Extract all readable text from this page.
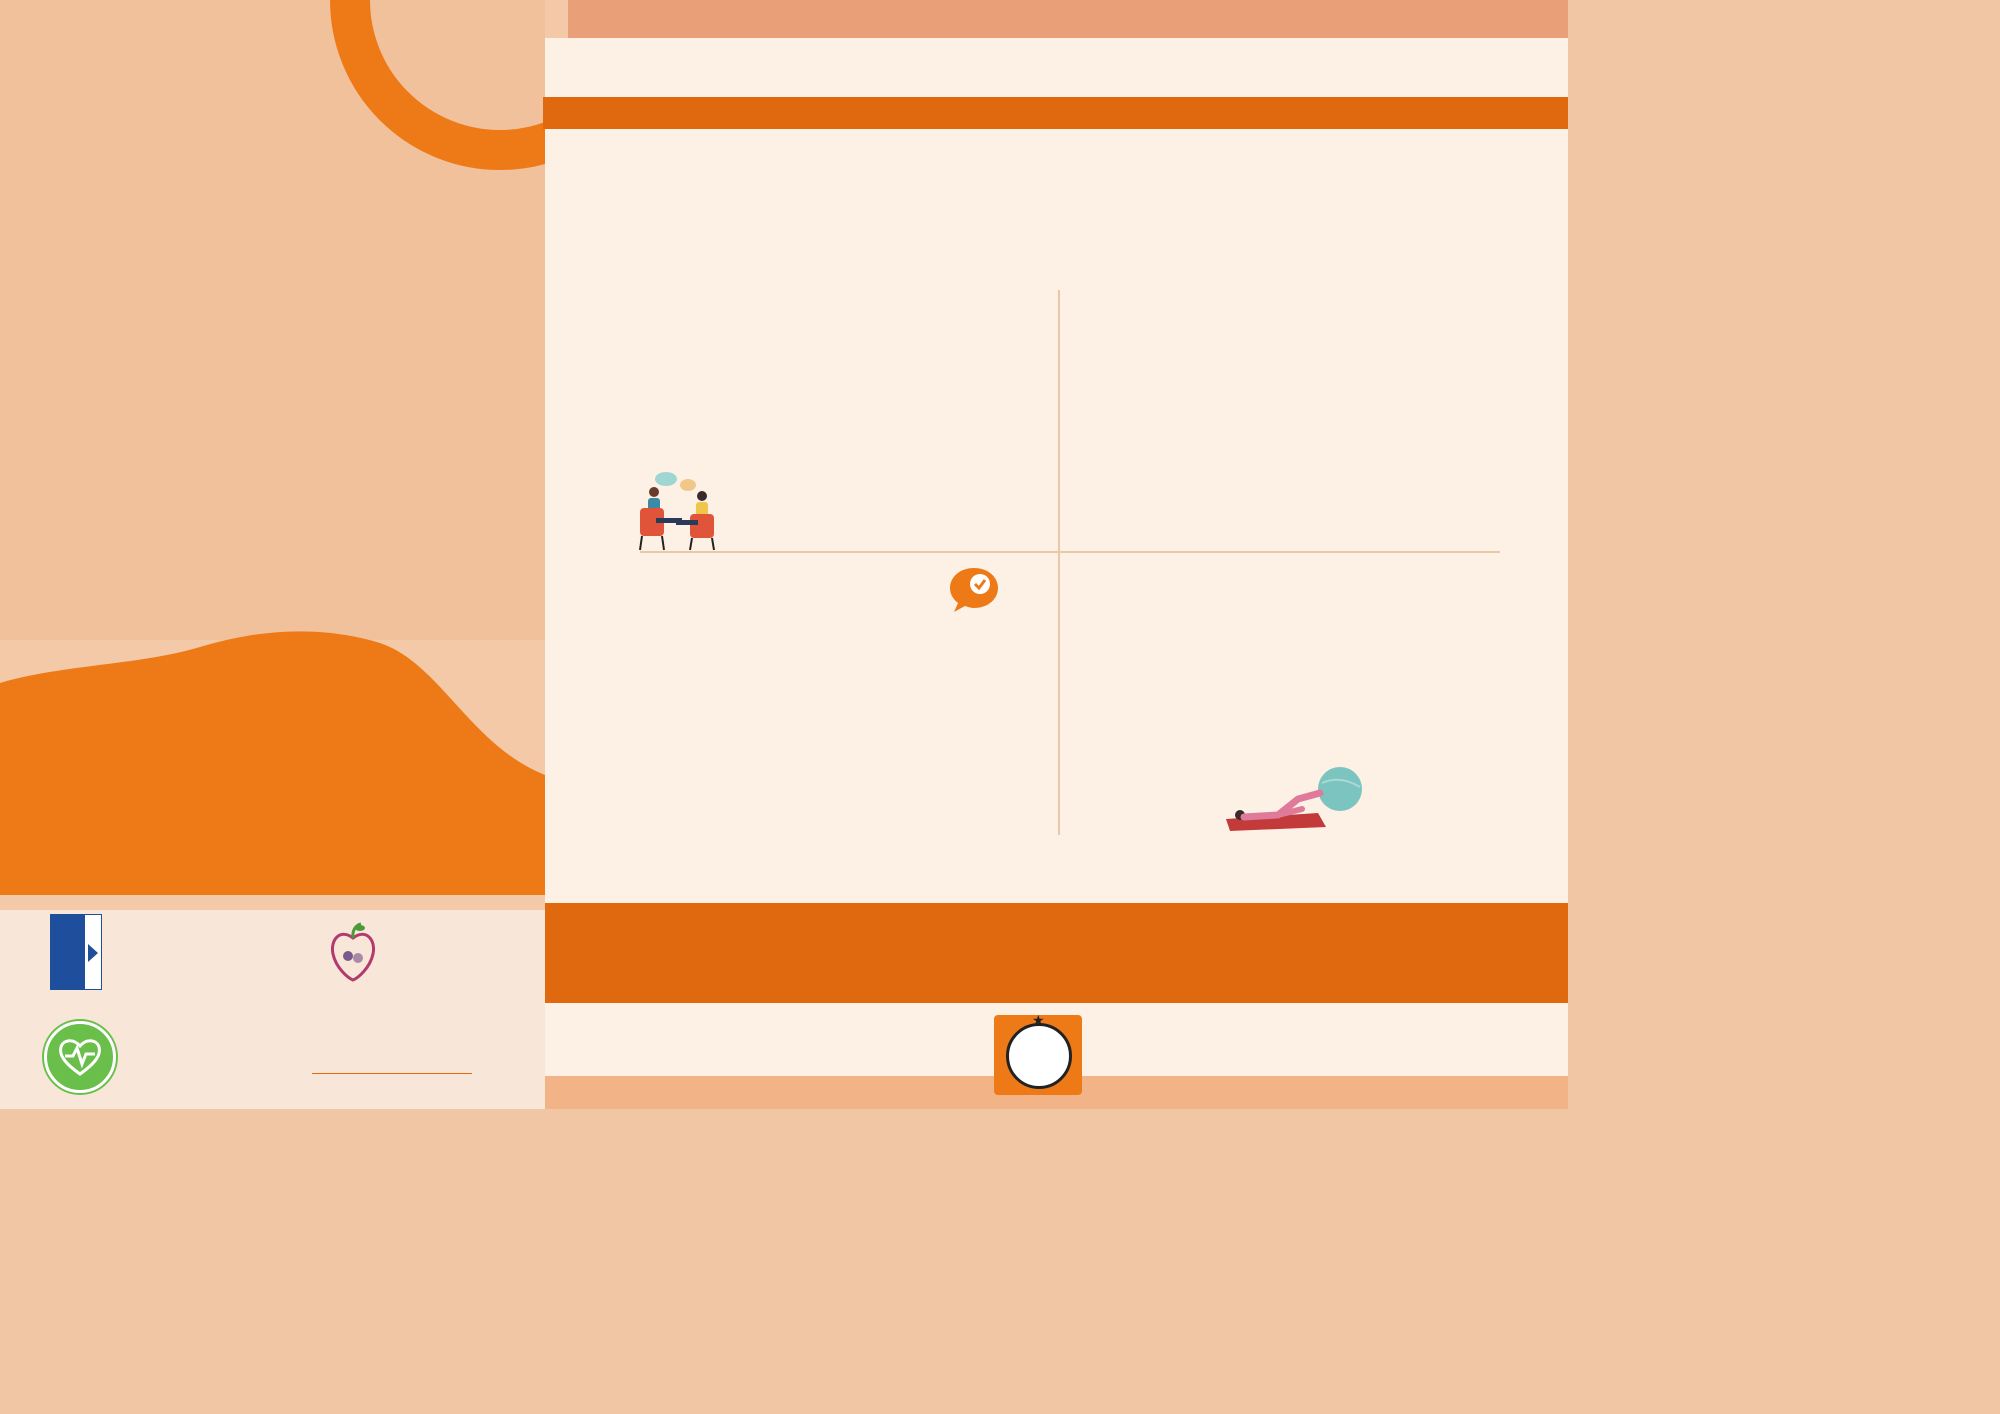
★
